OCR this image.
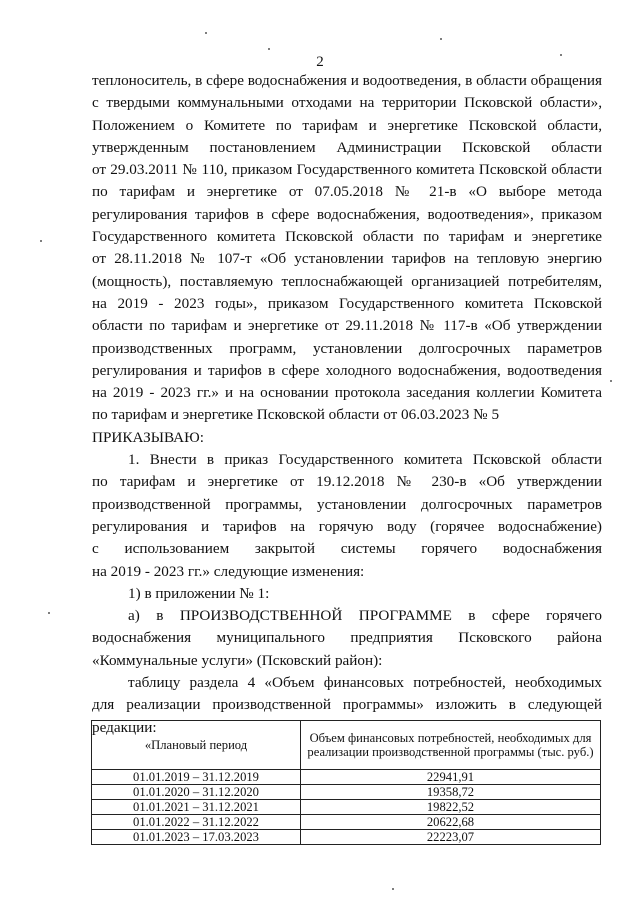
2
теплоноситель, в сфере водоснабжения и водоотведения, в области обращения
с твердыми коммунальными отходами на территории Псковской области»,
Положением о Комитете по тарифам и энергетике Псковской области,
утвержденным постановлением Администрации Псковской области
от 29.03.2011 № 110, приказом Государственного комитета Псковской области
по тарифам и энергетике от 07.05.2018 № 21-в «О выборе метода
регулирования тарифов в сфере водоснабжения, водоотведения», приказом
Государственного комитета Псковской области по тарифам и энергетике
от 28.11.2018 № 107-т «Об установлении тарифов на тепловую энергию
(мощность), поставляемую теплоснабжающей организацией потребителям,
на 2019 - 2023 годы», приказом Государственного комитета Псковской
области по тарифам и энергетике от 29.11.2018 № 117-в «Об утверждении
производственных программ, установлении долгосрочных параметров
регулирования и тарифов в сфере холодного водоснабжения, водоотведения
на 2019 - 2023 гг.» и на основании протокола заседания коллегии Комитета
по тарифам и энергетике Псковской области от 06.03.2023 № 5
ПРИКАЗЫВАЮ:
1. Внести в приказ Государственного комитета Псковской области
по тарифам и энергетике от 19.12.2018 № 230-в «Об утверждении
производственной программы, установлении долгосрочных параметров
регулирования и тарифов на горячую воду (горячее водоснабжение)
с использованием закрытой системы горячего водоснабжения
на 2019 - 2023 гг.» следующие изменения:
1) в приложении № 1:
а) в ПРОИЗВОДСТВЕННОЙ ПРОГРАММЕ в сфере горячего
водоснабжения муниципального предприятия Псковского района
«Коммунальные услуги» (Псковский район):
таблицу раздела 4 «Объем финансовых потребностей, необходимых
для реализации производственной программы» изложить в следующей
редакции:
«Плановый период	Объем финансовых потребностей, необходимых для реализации производственной программы (тыс. руб.)
01.01.2019 – 31.12.2019	22941,91
01.01.2020 – 31.12.2020	19358,72
01.01.2021 – 31.12.2021	19822,52
01.01.2022 – 31.12.2022	20622,68
01.01.2023 – 17.03.2023	22223,07
